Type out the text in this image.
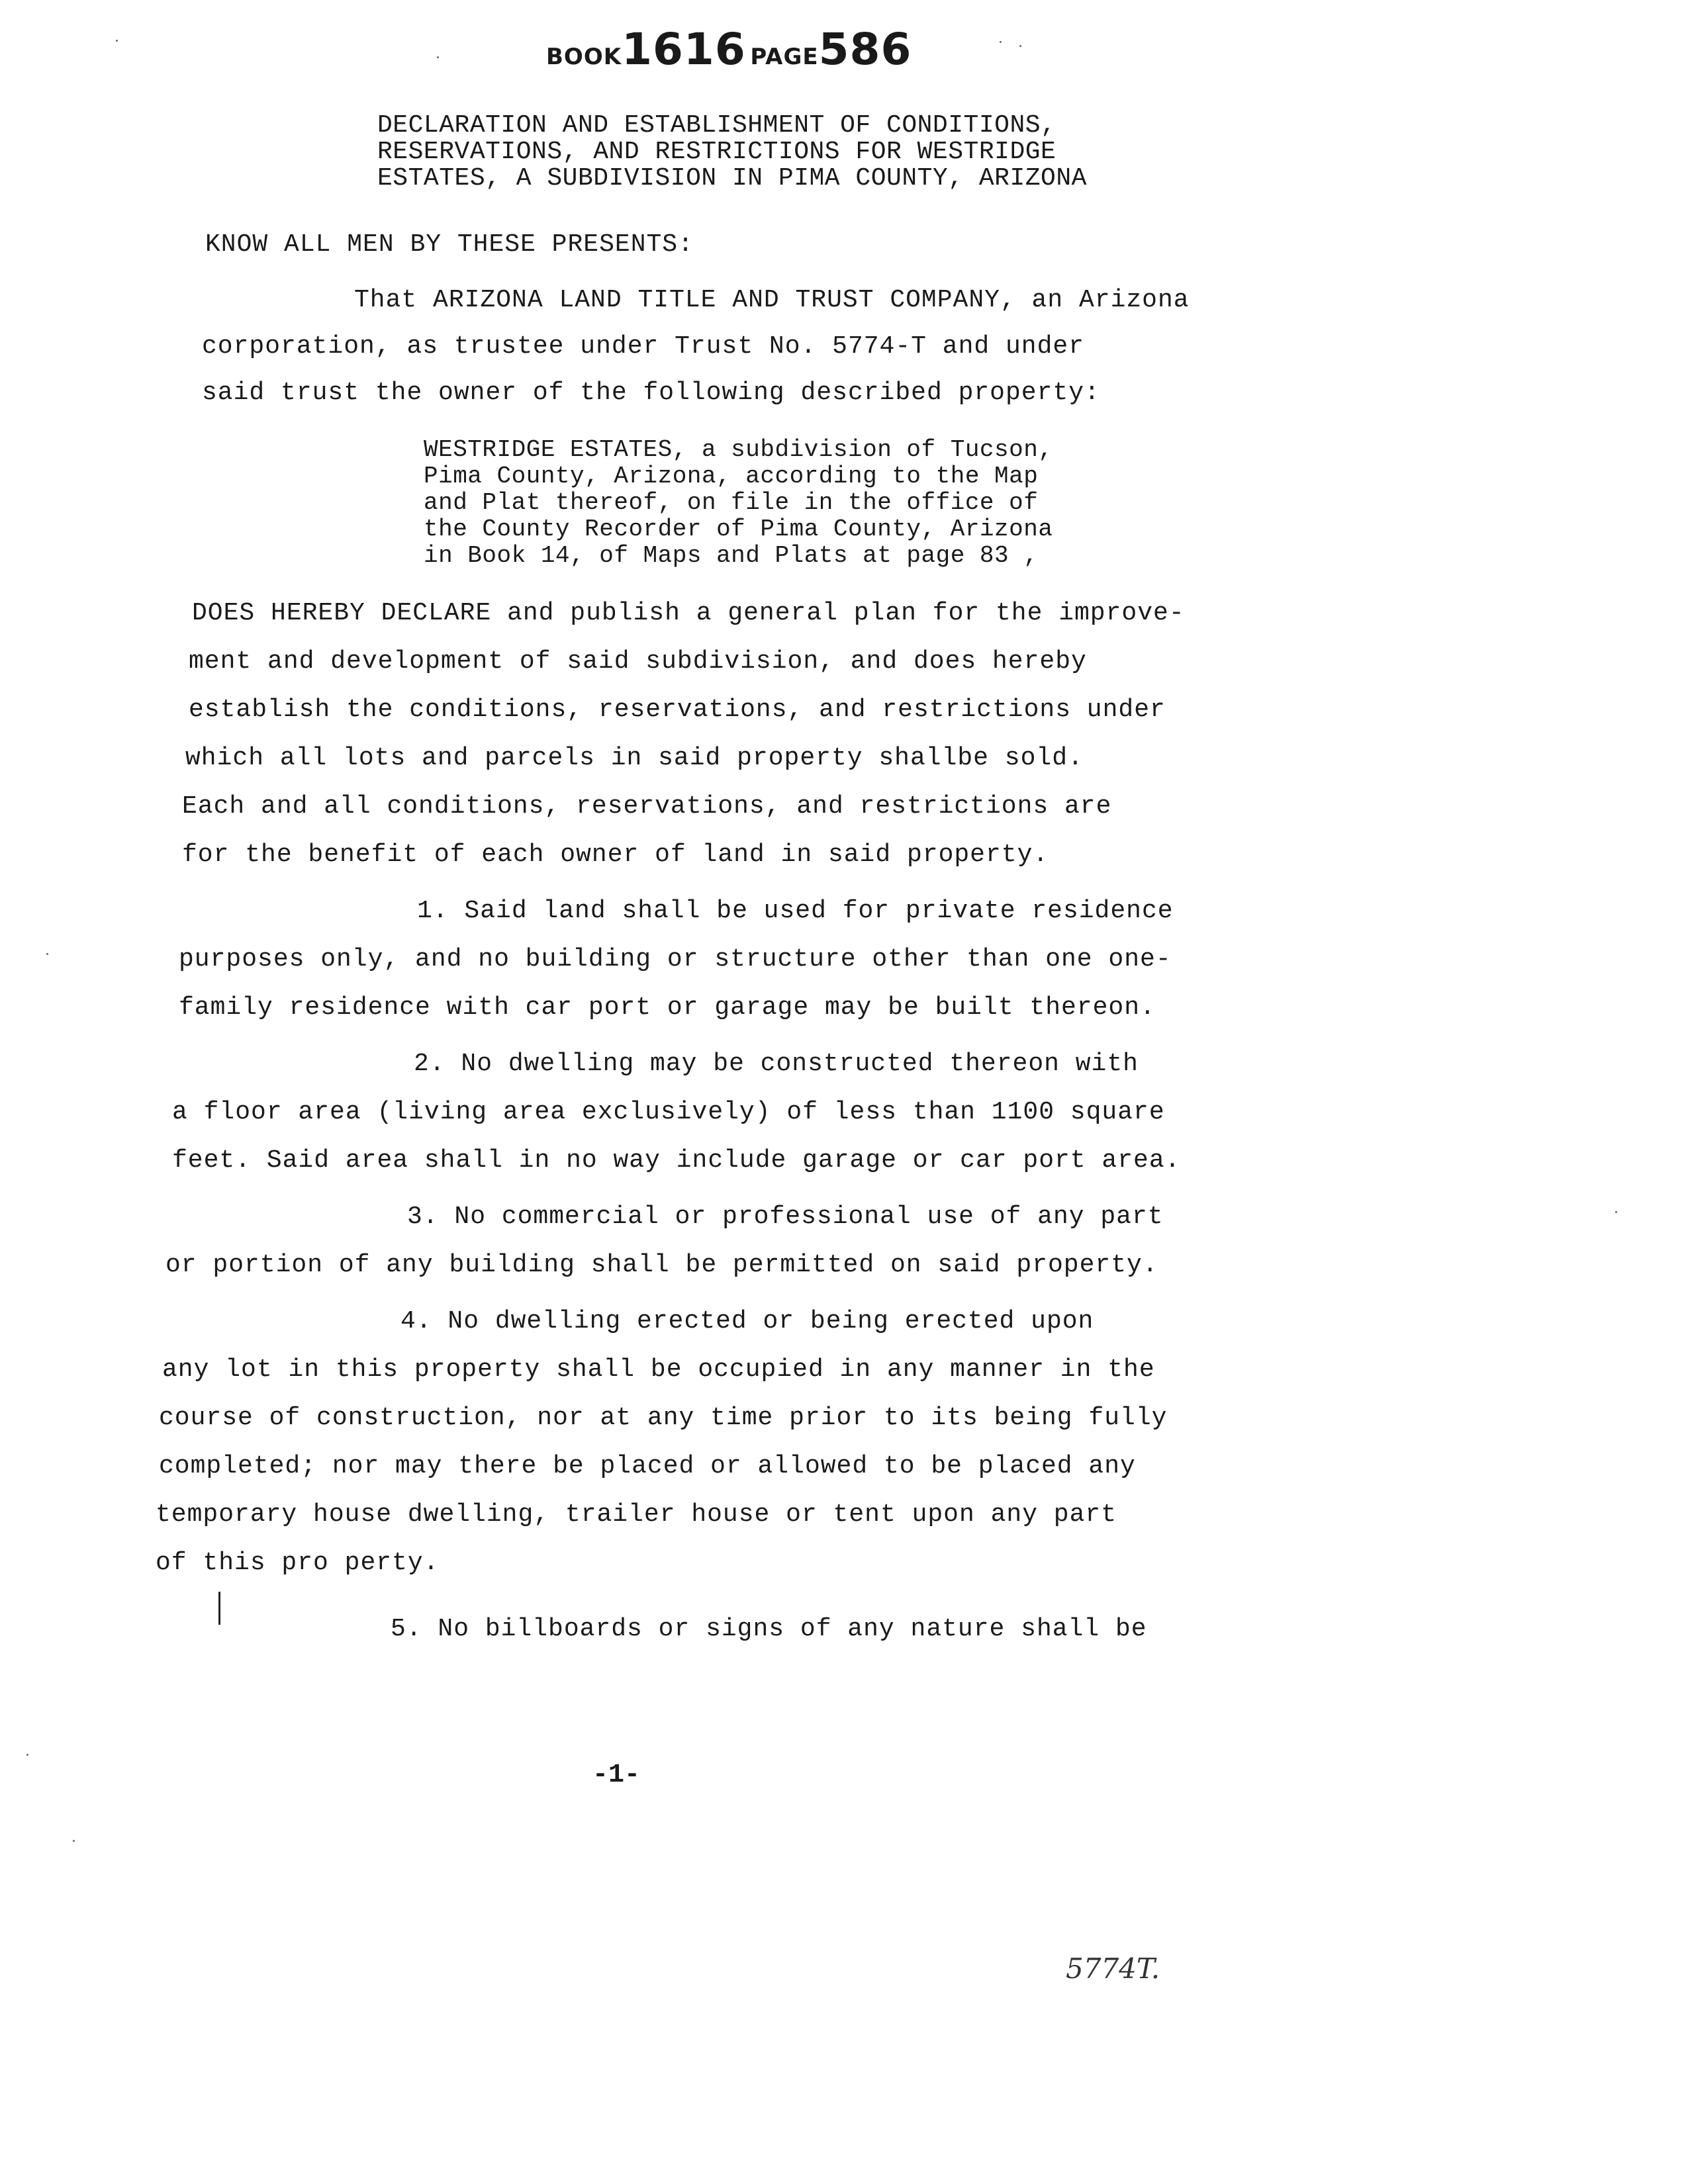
BOOK1616 PAGE586

DECLARATION AND ESTABLISHMENT OF CONDITIONS,

RESERVATIONS, AND RESTRICTIONS FOR WESTRIDGE

ESTATES, A SUBDIVISION IN PIMA COUNTY, ARIZONA

KNOW ALL MEN BY THESE PRESENTS:

That ARIZONA LAND TITLE AND TRUST COMPANY, an Arizona

corporation, as trustee under Trust No. 5774-T and under

said trust the owner of the following described property:

WESTRIDGE ESTATES, a subdivision of Tucson,

Pima County, Arizona, according to the Map

and Plat thereof, on file in the office of

the County Recorder of Pima County, Arizona

in Book 14, of Maps and Plats at page 83 ,

DOES HEREBY DECLARE and publish a general plan for the improve-

ment and development of said subdivision, and does hereby

establish the conditions, reservations, and restrictions under

which all lots and parcels in said property shallbe sold.

Each and all conditions, reservations, and restrictions are

for the benefit of each owner of land in said property.

1. Said land shall be used for private residence

purposes only, and no building or structure other than one one-

family residence with car port or garage may be built thereon.

2. No dwelling may be constructed thereon with

a floor area (living area exclusively) of less than 1100 square

feet. Said area shall in no way include garage or car port area.

3. No commercial or professional use of any part

or portion of any building shall be permitted on said property.

4. No dwelling erected or being erected upon

any lot in this property shall be occupied in any manner in the

course of construction, nor at any time prior to its being fully

completed; nor may there be placed or allowed to be placed any

temporary house dwelling, trailer house or tent upon any part

of this pro perty.

5. No billboards or signs of any nature shall be

-1-

5774T.
